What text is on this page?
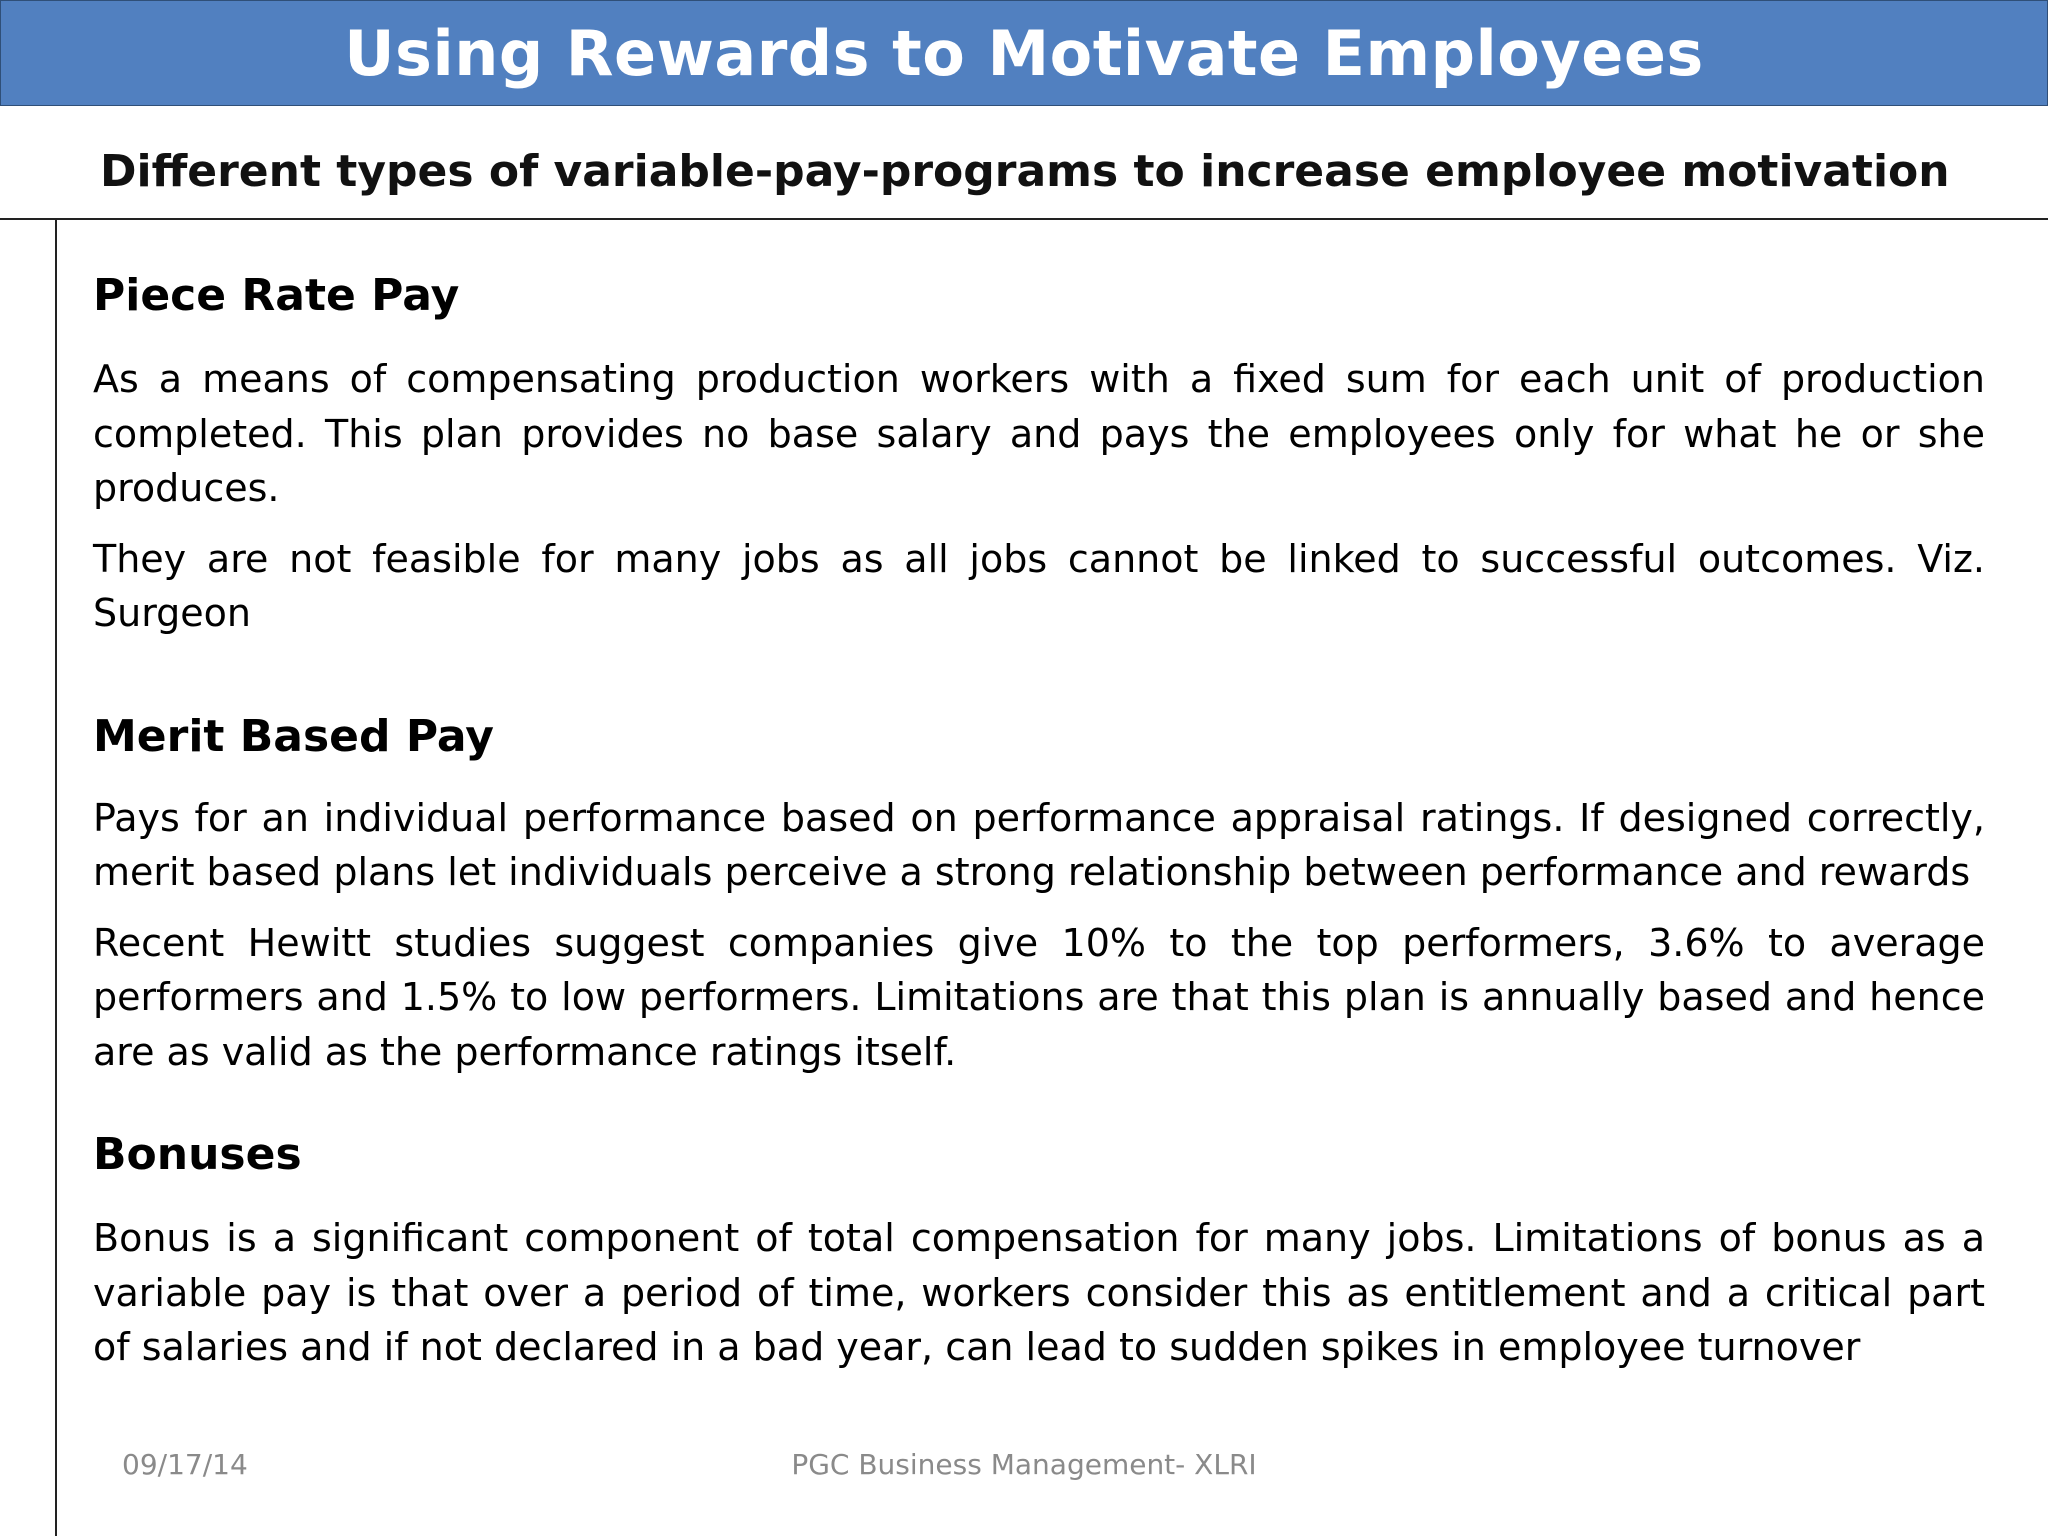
Using Rewards to Motivate Employees
Different types of variable-pay-programs to increase employee motivation
Piece Rate Pay

As a means of compensating production workers with a fixed sum for each unit of production completed. This plan provides no base salary and pays the employees only for what he or she produces.

They are not feasible for many jobs as all jobs cannot be linked to successful outcomes. Viz. Surgeon

Merit Based Pay

Pays for an individual performance based on performance appraisal ratings. If designed correctly, merit based plans let individuals perceive a strong relationship between performance and rewards

Recent Hewitt studies suggest companies give 10% to the top performers, 3.6% to average performers and 1.5% to low performers. Limitations are that this plan is annually based and hence are as valid as the performance ratings itself.

Bonuses

Bonus is a significant component of total compensation for many jobs. Limitations of bonus as a variable pay is that over a period of time, workers consider this as entitlement and a critical part of salaries and if not declared in a bad year, can lead to sudden spikes in employee turnover

09/17/14	PGC Business Management- XLRI
